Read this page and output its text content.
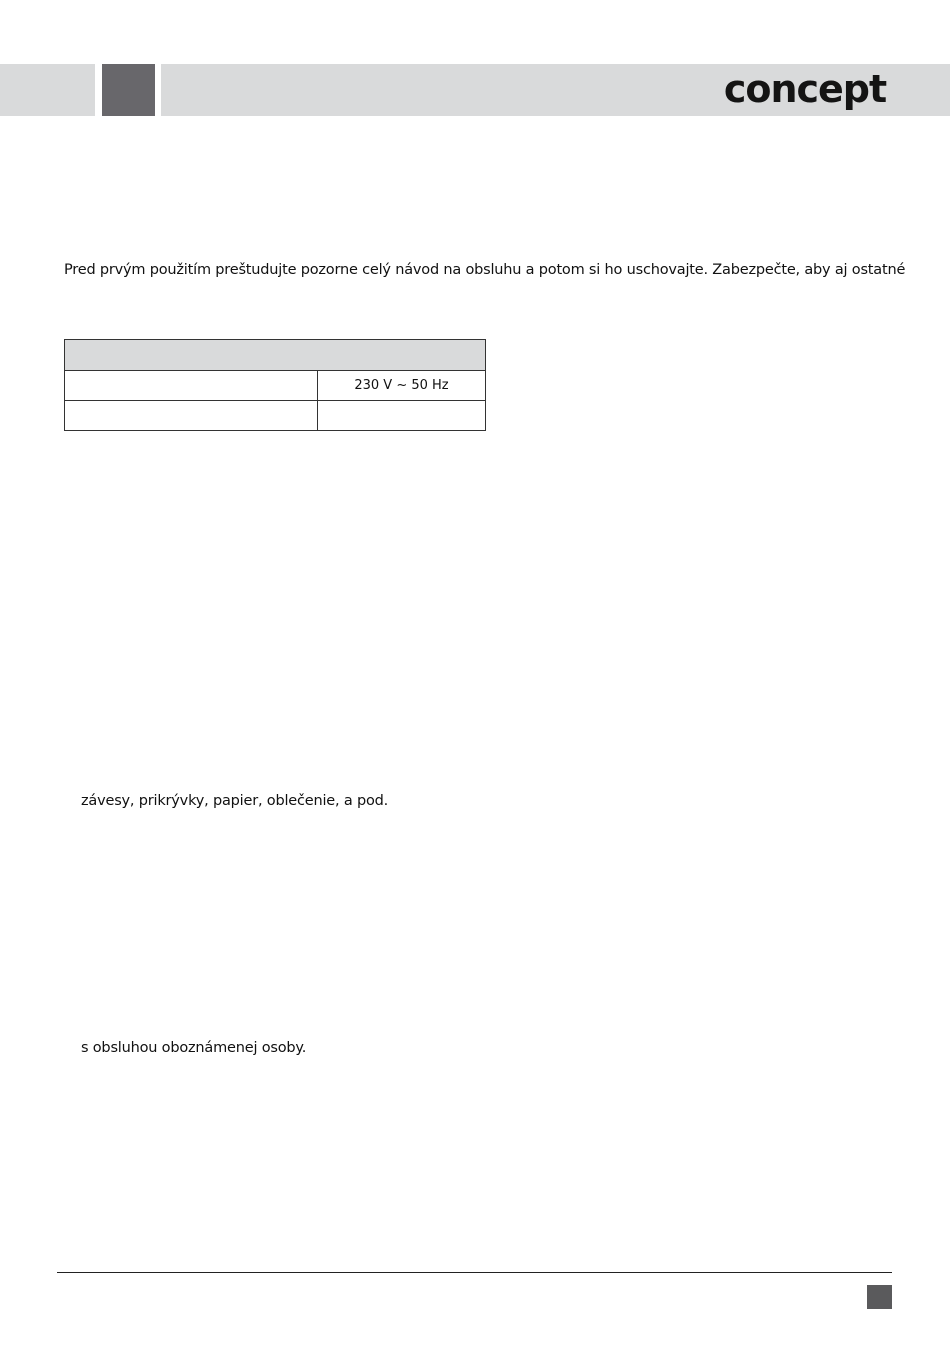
concept
Pred prvým použitím preštudujte pozorne celý návod na obsluhu a potom si ho uschovajte. Zabezpečte, aby aj ostatné

	230 V ~ 50 Hz

závesy, prikrývky, papier, oblečenie, a pod.
s obsluhou oboznámenej osoby.
